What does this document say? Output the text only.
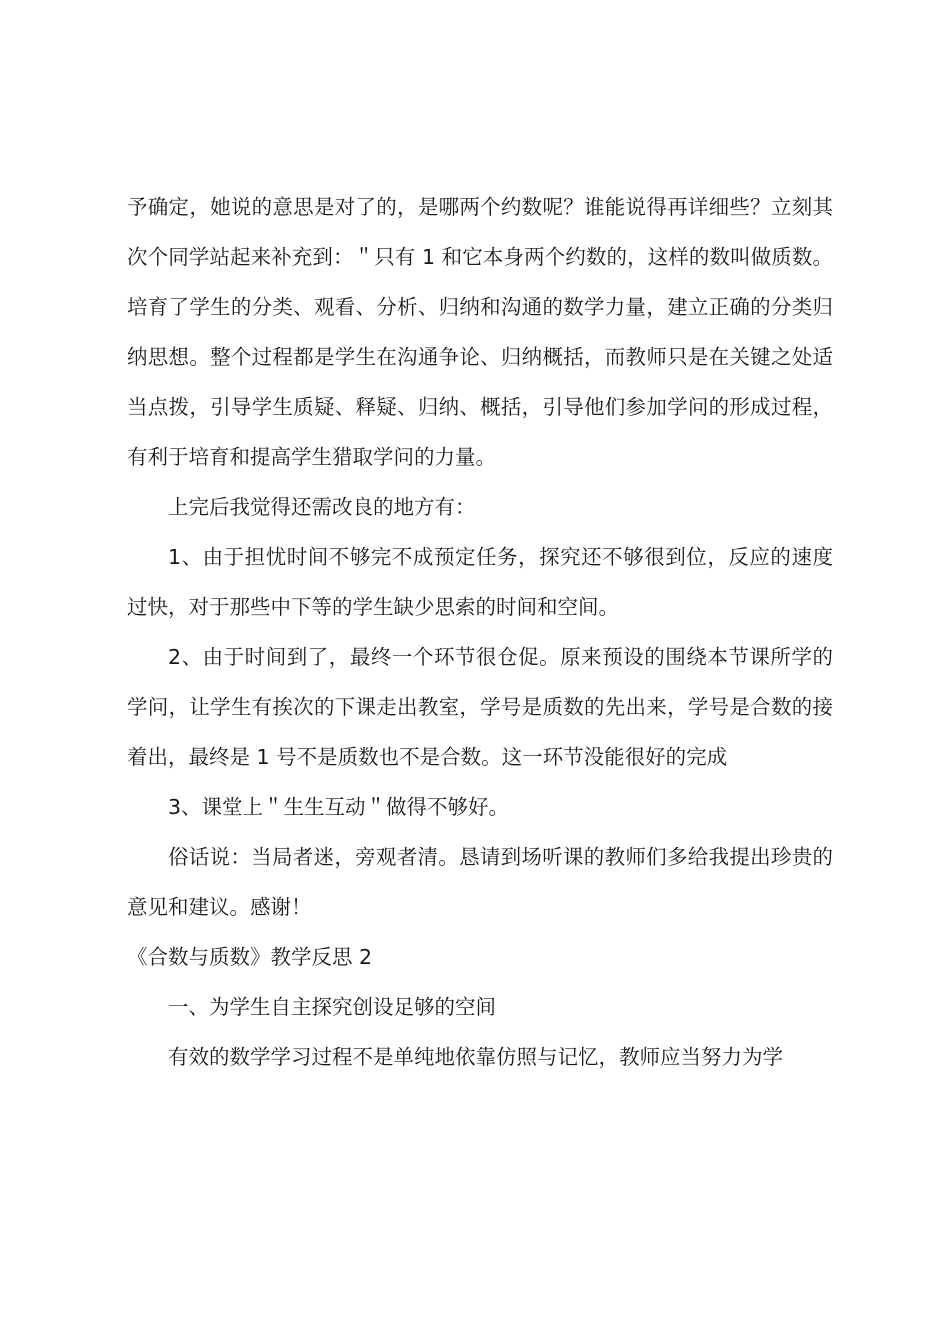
予确定，她说的意思是对了的，是哪两个约数呢？谁能说得再详细些？立刻其次个同学站起来补充到：＂只有 1 和它本身两个约数的，这样的数叫做质数。培育了学生的分类、观看、分析、归纳和沟通的数学力量，建立正确的分类归纳思想。整个过程都是学生在沟通争论、归纳概括，而教师只是在关键之处适当点拨，引导学生质疑、释疑、归纳、概括，引导他们参加学问的形成过程，有利于培育和提高学生猎取学问的力量。

上完后我觉得还需改良的地方有：

1、由于担忧时间不够完不成预定任务，探究还不够很到位，反应的速度过快，对于那些中下等的学生缺少思索的时间和空间。

2、由于时间到了，最终一个环节很仓促。原来预设的围绕本节课所学的学问，让学生有挨次的下课走出教室，学号是质数的先出来，学号是合数的接着出，最终是 1 号不是质数也不是合数。这一环节没能很好的完成

3、课堂上＂生生互动＂做得不够好。

俗话说：当局者迷，旁观者清。恳请到场听课的教师们多给我提出珍贵的意见和建议。感谢！

《合数与质数》教学反思 2

一、为学生自主探究创设足够的空间

有效的数学学习过程不是单纯地依靠仿照与记忆，教师应当努力为学
